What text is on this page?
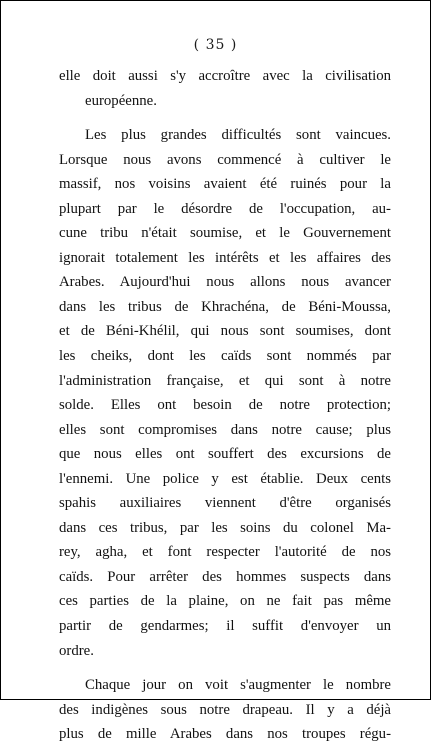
( 35 )
elle doit aussi s'y accroître avec la civilisation
européenne.
Les plus grandes difficultés sont vaincues.
Lorsque nous avons commencé à cultiver le
massif, nos voisins avaient été ruinés pour la
plupart par le désordre de l'occupation, au-
cune tribu n'était soumise, et le Gouvernement
ignorait totalement les intérêts et les affaires des
Arabes. Aujourd'hui nous allons nous avancer
dans les tribus de Khrachéna, de Béni-Moussa,
et de Béni-Khélil, qui nous sont soumises, dont
les cheiks, dont les caïds sont nommés par
l'administration française, et qui sont à notre
solde. Elles ont besoin de notre protection;
elles sont compromises dans notre cause; plus
que nous elles ont souffert des excursions de
l'ennemi. Une police y est établie. Deux cents
spahis auxiliaires viennent d'être organisés
dans ces tribus, par les soins du colonel Ma-
rey, agha, et font respecter l'autorité de nos
caïds. Pour arrêter des hommes suspects dans
ces parties de la plaine, on ne fait pas même
partir de gendarmes; il suffit d'envoyer un
ordre.
Chaque jour on voit s'augmenter le nombre
des indigènes sous notre drapeau. Il y a déjà
plus de mille Arabes dans nos troupes régu-
